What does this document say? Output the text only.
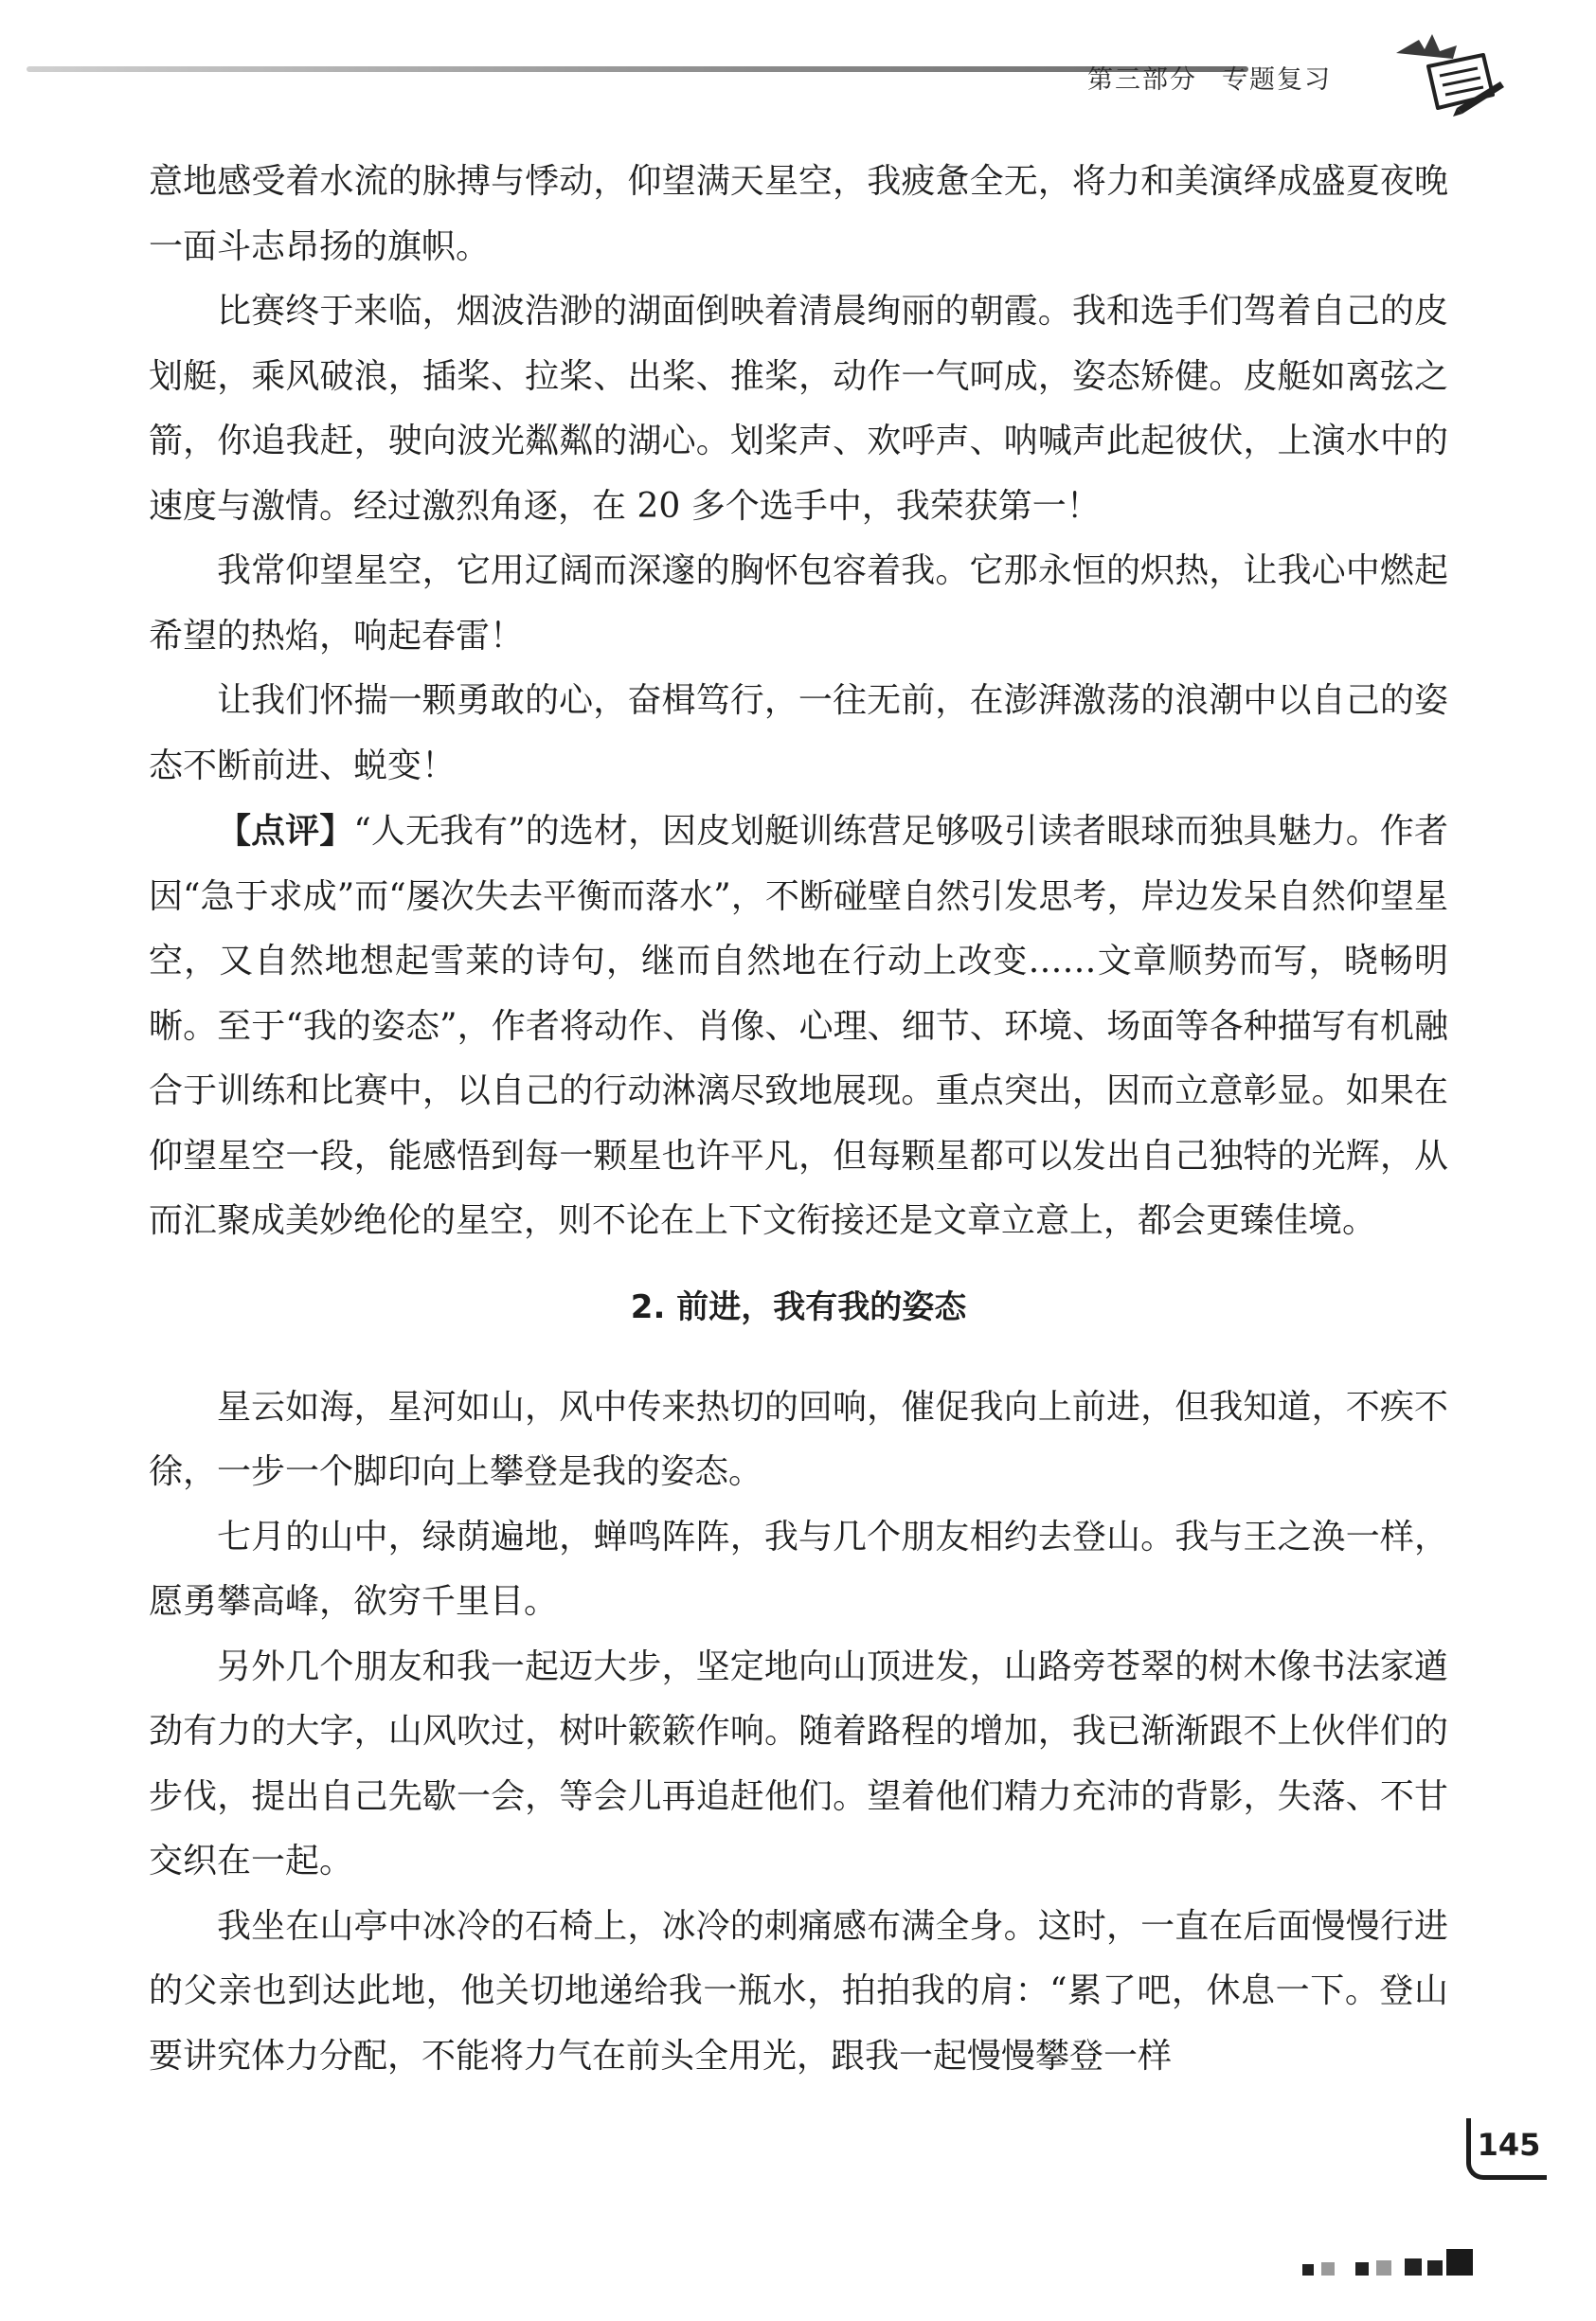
第三部分 专题复习

意地感受着水流的脉搏与悸动，仰望满天星空，我疲惫全无，将力和美演绎成盛夏夜晚一面斗志昂扬的旗帜。

比赛终于来临，烟波浩渺的湖面倒映着清晨绚丽的朝霞。我和选手们驾着自己的皮划艇，乘风破浪，插桨、拉桨、出桨、推桨，动作一气呵成，姿态矫健。皮艇如离弦之箭，你追我赶，驶向波光粼粼的湖心。划桨声、欢呼声、呐喊声此起彼伏，上演水中的速度与激情。经过激烈角逐，在 20 多个选手中，我荣获第一！

我常仰望星空，它用辽阔而深邃的胸怀包容着我。它那永恒的炽热，让我心中燃起希望的热焰，响起春雷！

让我们怀揣一颗勇敢的心，奋楫笃行，一往无前，在澎湃激荡的浪潮中以自己的姿态不断前进、蜕变！

【点评】“人无我有”的选材，因皮划艇训练营足够吸引读者眼球而独具魅力。作者因“急于求成”而“屡次失去平衡而落水”，不断碰壁自然引发思考，岸边发呆自然仰望星空，又自然地想起雪莱的诗句，继而自然地在行动上改变……文章顺势而写，晓畅明晰。至于“我的姿态”，作者将动作、肖像、心理、细节、环境、场面等各种描写有机融合于训练和比赛中，以自己的行动淋漓尽致地展现。重点突出，因而立意彰显。如果在仰望星空一段，能感悟到每一颗星也许平凡，但每颗星都可以发出自己独特的光辉，从而汇聚成美妙绝伦的星空，则不论在上下文衔接还是文章立意上，都会更臻佳境。

2. 前进，我有我的姿态

星云如海，星河如山，风中传来热切的回响，催促我向上前进，但我知道，不疾不徐，一步一个脚印向上攀登是我的姿态。

七月的山中，绿荫遍地，蝉鸣阵阵，我与几个朋友相约去登山。我与王之涣一样，愿勇攀高峰，欲穷千里目。

另外几个朋友和我一起迈大步，坚定地向山顶进发，山路旁苍翠的树木像书法家遒劲有力的大字，山风吹过，树叶簌簌作响。随着路程的增加，我已渐渐跟不上伙伴们的步伐，提出自己先歇一会，等会儿再追赶他们。望着他们精力充沛的背影，失落、不甘交织在一起。

我坐在山亭中冰冷的石椅上，冰冷的刺痛感布满全身。这时，一直在后面慢慢行进的父亲也到达此地，他关切地递给我一瓶水，拍拍我的肩：“累了吧，休息一下。登山要讲究体力分配，不能将力气在前头全用光，跟我一起慢慢攀登一样

145
